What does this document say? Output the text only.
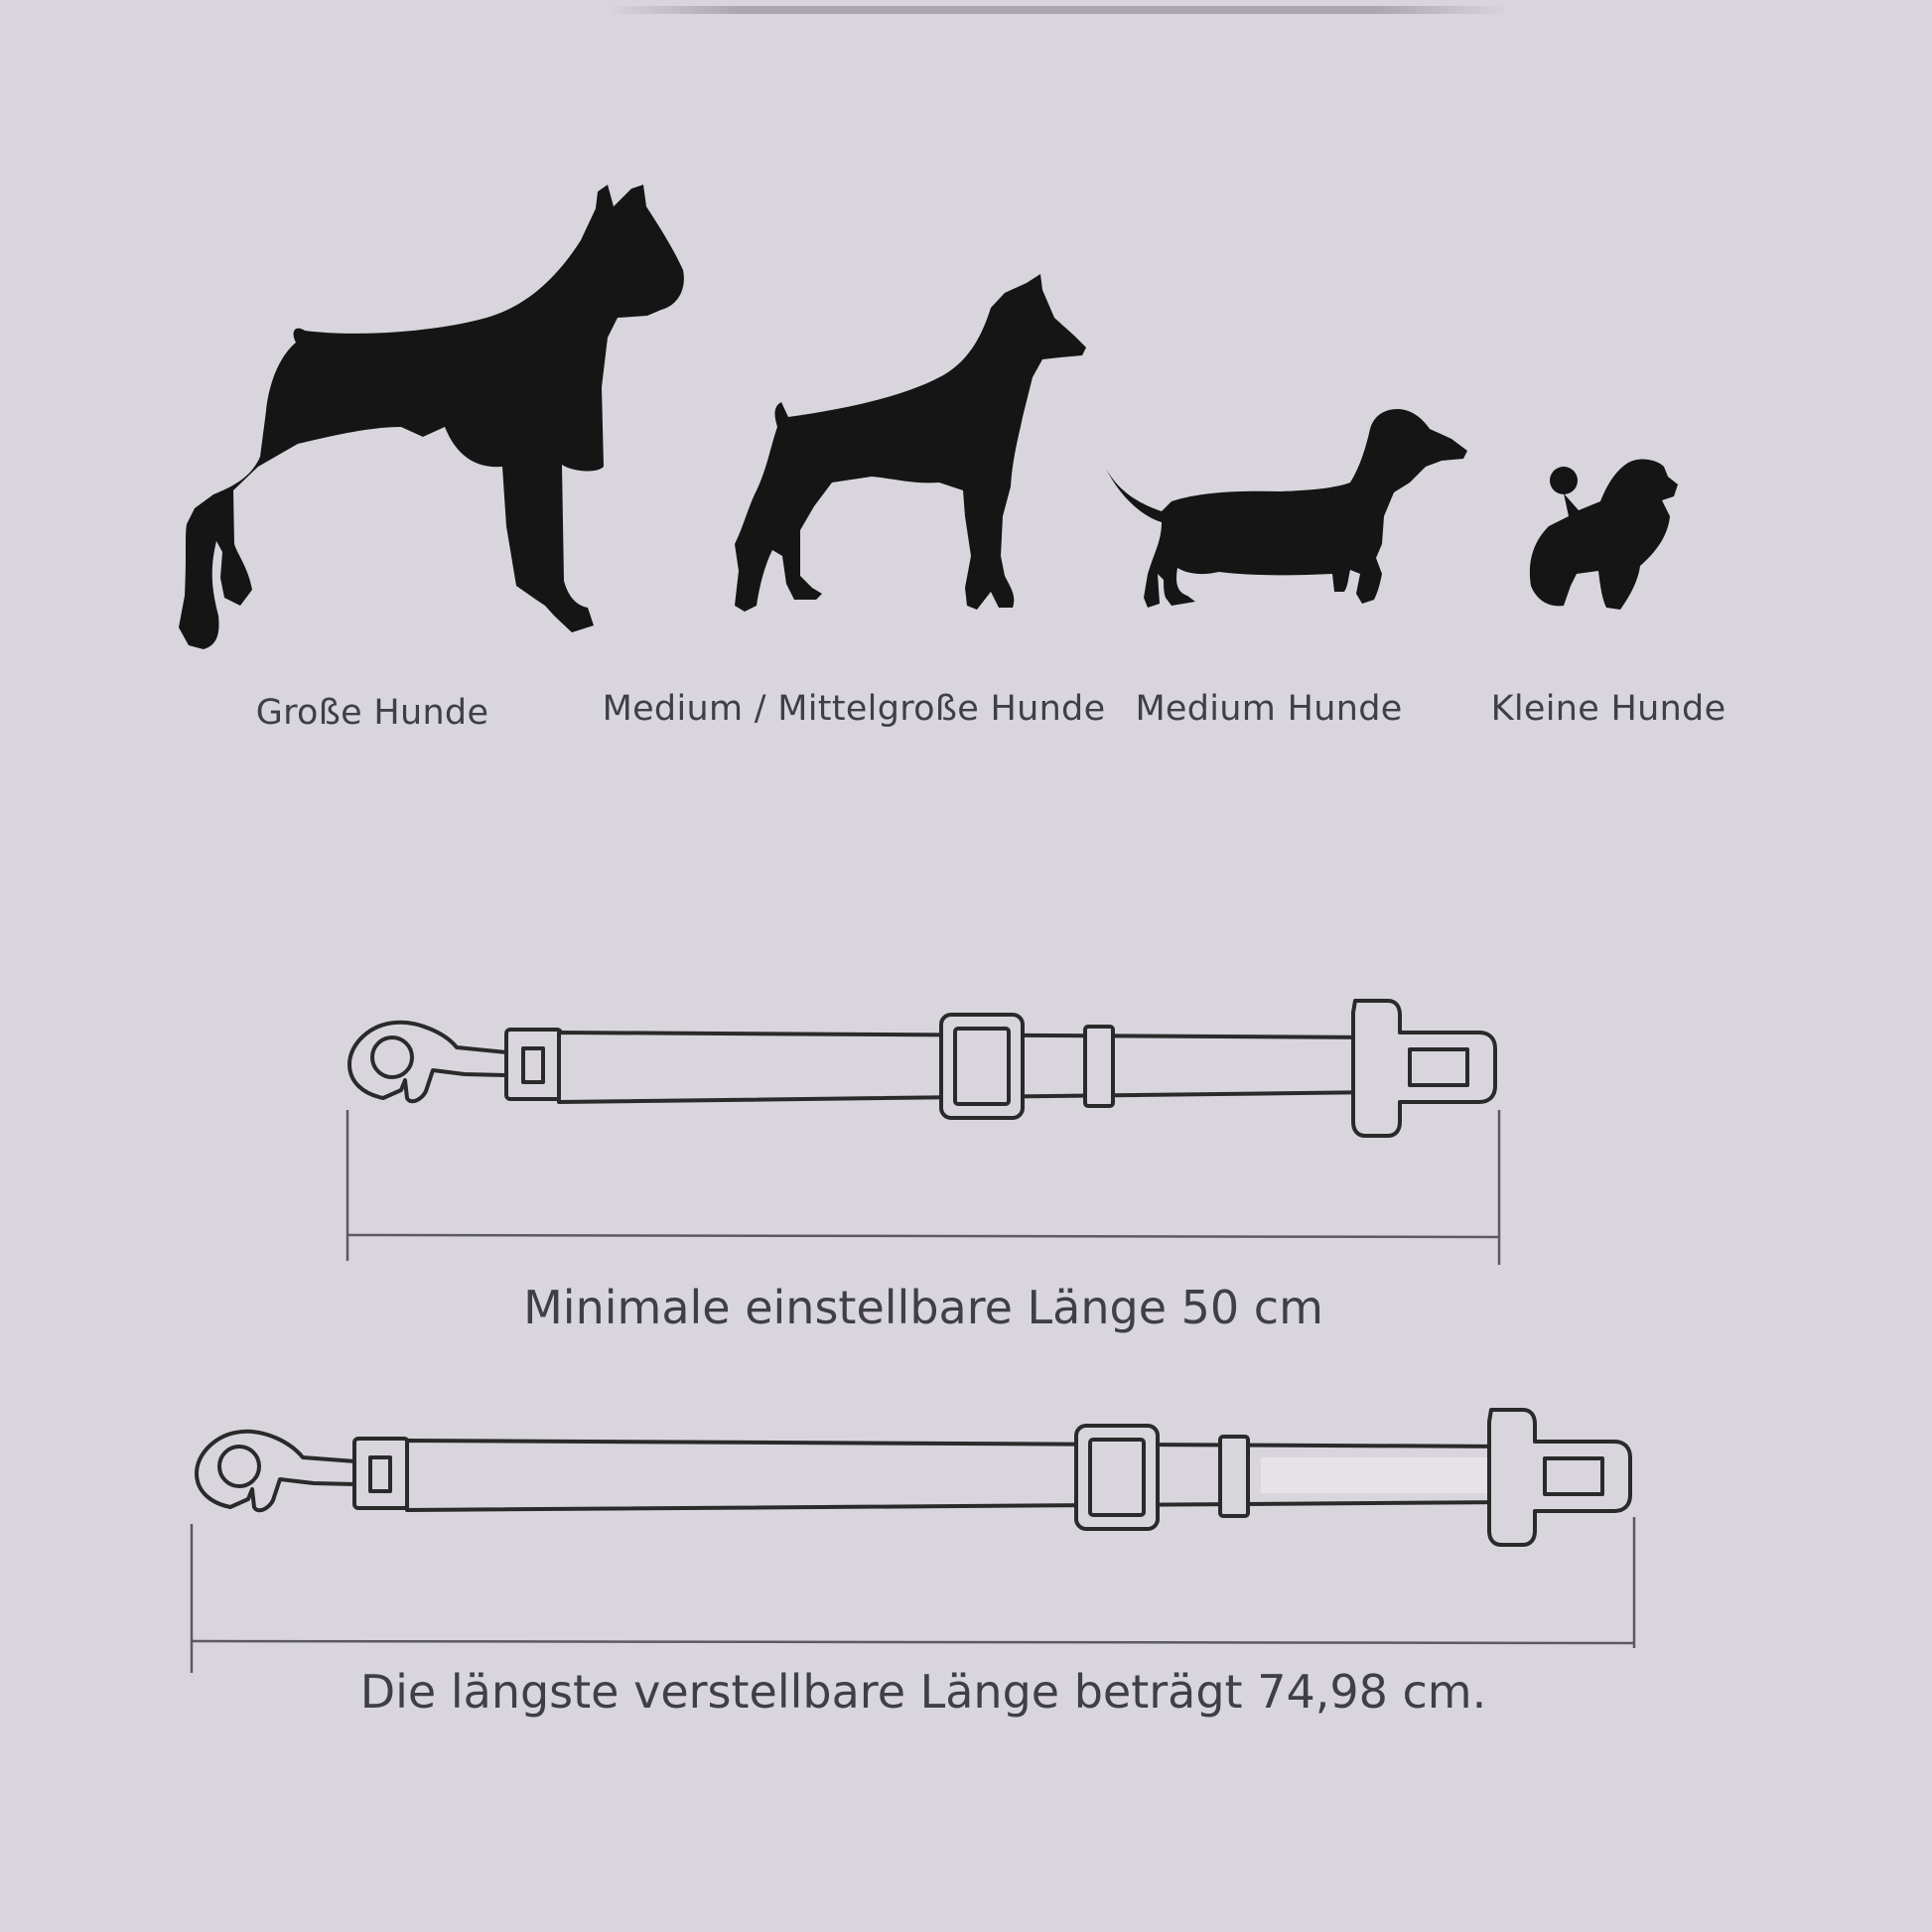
Große Hunde	Medium / Mittelgroße Hunde Medium Hunde	Kleine Hunde
Minimale einstellbare Länge 50 cm
Die längste verstellbare Länge beträgt 74,98 cm.
